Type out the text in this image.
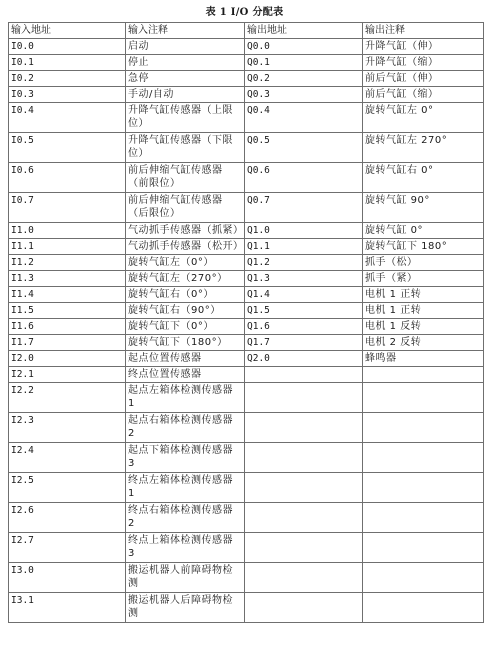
表 1 I/O 分配表
输入地址	输入注释	输出地址	输出注释
I0.0	启动	Q0.0	升降气缸（伸）
I0.1	停止	Q0.1	升降气缸（缩）
I0.2	急停	Q0.2	前后气缸（伸）
I0.3	手动/自动	Q0.3	前后气缸（缩）
I0.4	升降气缸传感器（上限位）	Q0.4	旋转气缸左 0°
I0.5	升降气缸传感器（下限位）	Q0.5	旋转气缸左 270°
I0.6	前后伸缩气缸传感器（前限位）	Q0.6	旋转气缸右 0°
I0.7	前后伸缩气缸传感器（后限位）	Q0.7	旋转气缸 90°
I1.0	气动抓手传感器（抓紧）	Q1.0	旋转气缸 0°
I1.1	气动抓手传感器（松开）	Q1.1	旋转气缸下 180°
I1.2	旋转气缸左（0°）	Q1.2	抓手（松）
I1.3	旋转气缸左（270°）	Q1.3	抓手（紧）
I1.4	旋转气缸右（0°）	Q1.4	电机 1 正转
I1.5	旋转气缸右（90°）	Q1.5	电机 1 正转
I1.6	旋转气缸下（0°）	Q1.6	电机 1 反转
I1.7	旋转气缸下（180°）	Q1.7	电机 2 反转
I2.0	起点位置传感器	Q2.0	蜂鸣器
I2.1	终点位置传感器		
I2.2	起点左箱体检测传感器 1		
I2.3	起点右箱体检测传感器 2		
I2.4	起点下箱体检测传感器 3		
I2.5	终点左箱体检测传感器 1		
I2.6	终点右箱体检测传感器 2		
I2.7	终点上箱体检测传感器 3		
I3.0	搬运机器人前障碍物检测		
I3.1	搬运机器人后障碍物检测		
